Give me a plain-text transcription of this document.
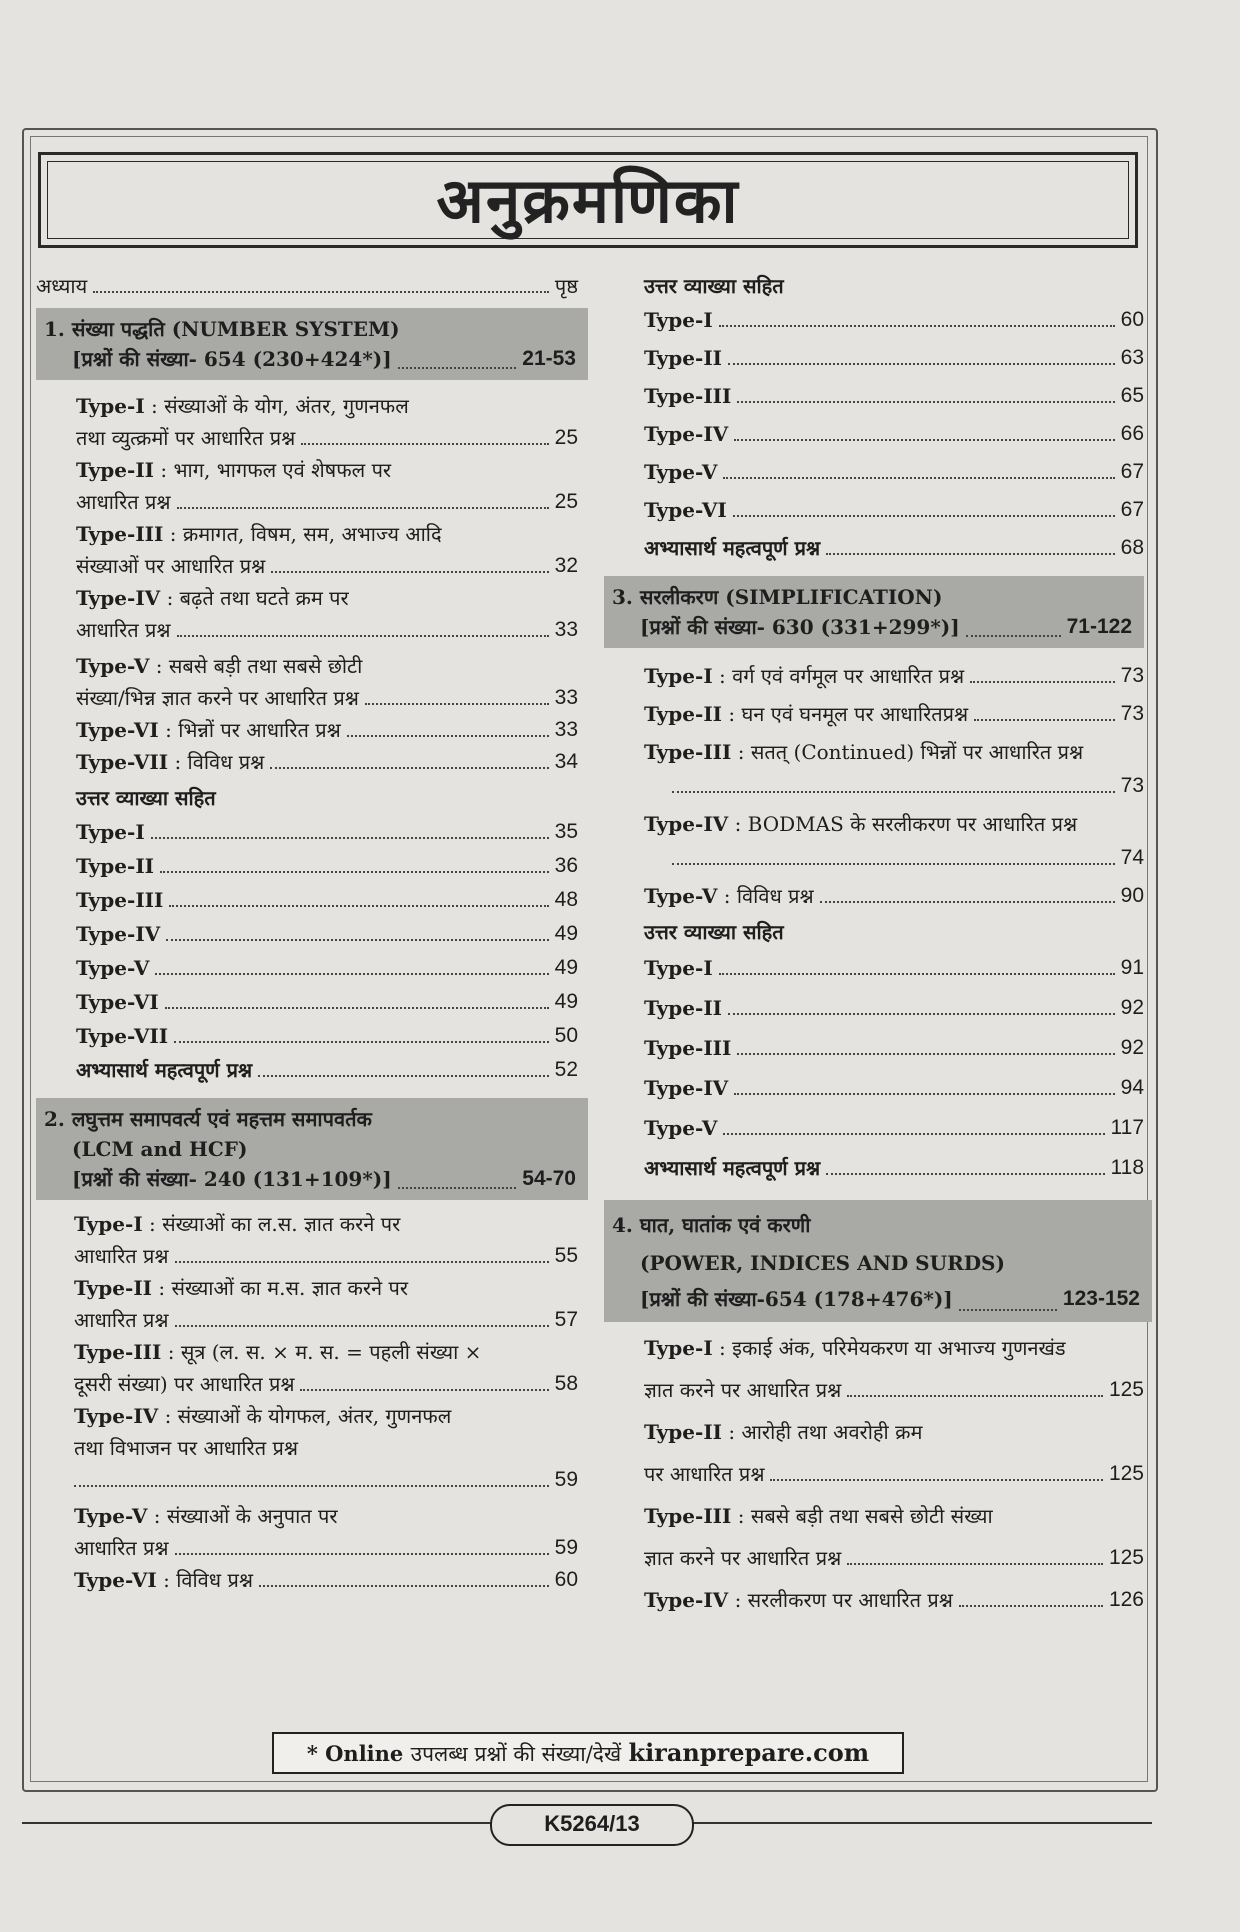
अनुक्रमणिका
अध्याय	पृष्ठ
1. संख्या पद्धति (NUMBER SYSTEM)
[प्रश्नों की संख्या- 654 (230+424*)]	21-53
Type-I : संख्याओं के योग, अंतर, गुणनफल
तथा व्युत्क्रमों पर आधारित प्रश्न	25
Type-II : भाग, भागफल एवं शेषफल पर
आधारित प्रश्न	25
Type-III : क्रमागत, विषम, सम, अभाज्य आदि
संख्याओं पर आधारित प्रश्न	32
Type-IV : बढ़ते तथा घटते क्रम पर
आधारित प्रश्न	33
Type-V : सबसे बड़ी तथा सबसे छोटी
संख्या/भिन्न ज्ञात करने पर आधारित प्रश्न	33
Type-VI : भिन्नों पर आधारित प्रश्न	33
Type-VII : विविध प्रश्न	34
उत्तर व्याख्या सहित
Type-I	35
Type-II	36
Type-III	48
Type-IV	49
Type-V	49
Type-VI	49
Type-VII	50
अभ्यासार्थ महत्वपूर्ण प्रश्न	52
2. लघुत्तम समापवर्त्य एवं महत्तम समापवर्तक
(LCM and HCF)
[प्रश्नों की संख्या- 240 (131+109*)]	54-70
Type-I : संख्याओं का ल.स. ज्ञात करने पर
आधारित प्रश्न	55
Type-II : संख्याओं का म.स. ज्ञात करने पर
आधारित प्रश्न	57
Type-III : सूत्र (ल. स. × म. स. = पहली संख्या ×
दूसरी संख्या) पर आधारित प्रश्न	58
Type-IV : संख्याओं के योगफल, अंतर, गुणनफल
तथा विभाजन पर आधारित प्रश्न
59
Type-V : संख्याओं के अनुपात पर
आधारित प्रश्न	59
Type-VI : विविध प्रश्न	60
उत्तर व्याख्या सहित
Type-I	60
Type-II	63
Type-III	65
Type-IV	66
Type-V	67
Type-VI	67
अभ्यासार्थ महत्वपूर्ण प्रश्न	68
3. सरलीकरण (SIMPLIFICATION)
[प्रश्नों की संख्या- 630 (331+299*)]	71-122
Type-I : वर्ग एवं वर्गमूल पर आधारित प्रश्न	73
Type-II : घन एवं घनमूल पर आधारितप्रश्न	73
Type-III : सतत् (Continued) भिन्नों पर आधारित प्रश्न
73
Type-IV : BODMAS के सरलीकरण पर आधारित प्रश्न
74
Type-V : विविध प्रश्न	90
उत्तर व्याख्या सहित
Type-I	91
Type-II	92
Type-III	92
Type-IV	94
Type-V	117
अभ्यासार्थ महत्वपूर्ण प्रश्न	118
4. घात, घातांक एवं करणी
(POWER, INDICES AND SURDS)
[प्रश्नों की संख्या-654 (178+476*)]	123-152
Type-I : इकाई अंक, परिमेयकरण या अभाज्य गुणनखंड
ज्ञात करने पर आधारित प्रश्न	125
Type-II : आरोही तथा अवरोही क्रम
पर आधारित प्रश्न	125
Type-III : सबसे बड़ी तथा सबसे छोटी संख्या
ज्ञात करने पर आधारित प्रश्न	125
Type-IV : सरलीकरण पर आधारित प्रश्न	126
* Online उपलब्ध प्रश्नों की संख्या/देखें kiranprepare.com
K5264/13
